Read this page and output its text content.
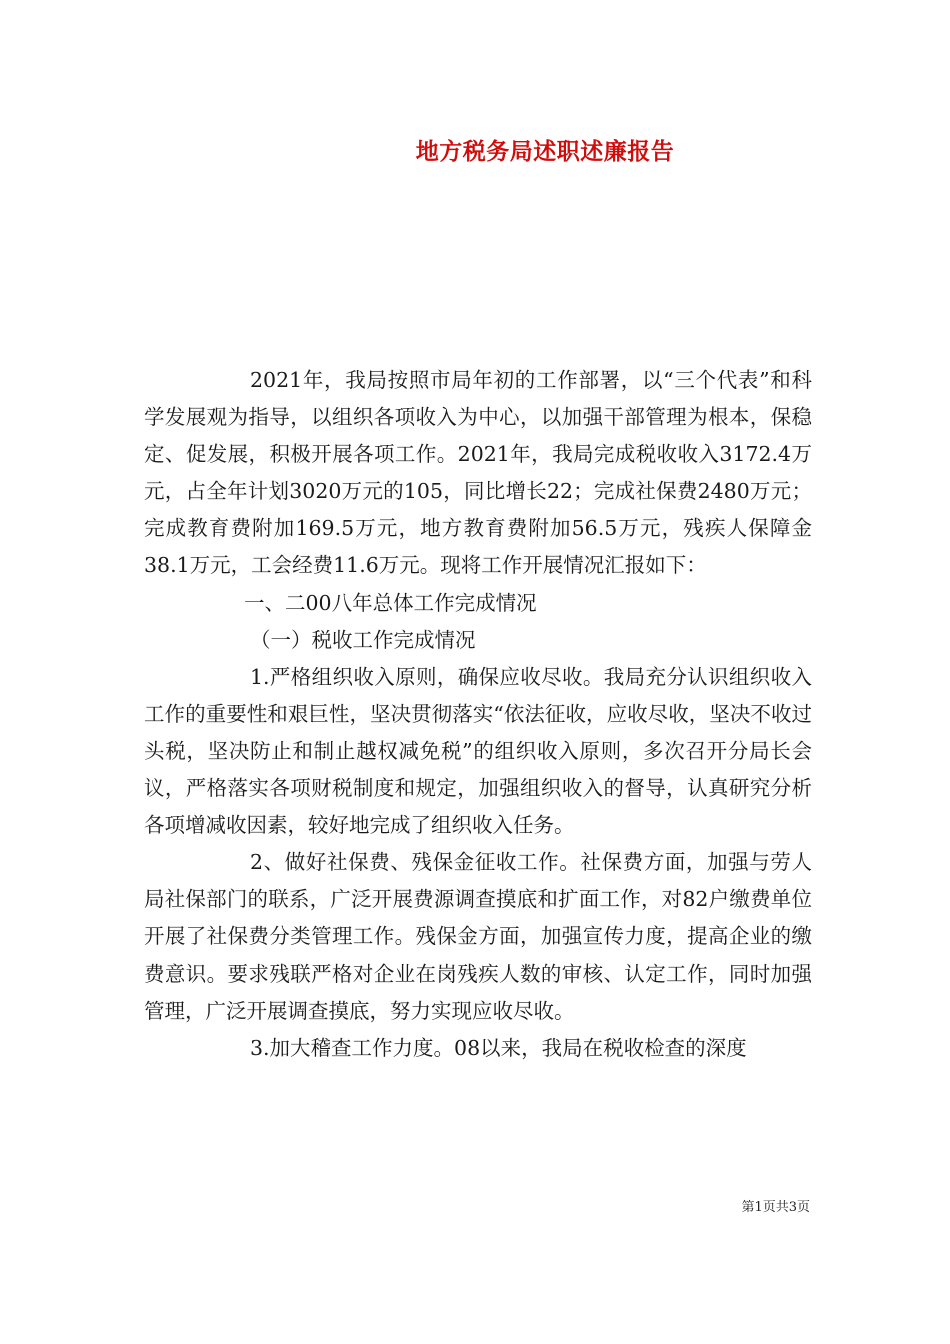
地方税务局述职述廉报告

2021年，我局按照市局年初的工作部署，以“三个代表”和科学发展观为指导，以组织各项收入为中心，以加强干部管理为根本，保稳定、促发展，积极开展各项工作。2021年，我局完成税收收入3172.4万元，占全年计划3020万元的105，同比增长22；完成社保费2480万元；完成教育费附加169.5万元，地方教育费附加56.5万元，残疾人保障金38.1万元，工会经费11.6万元。现将工作开展情况汇报如下：

一、二00八年总体工作完成情况

（一）税收工作完成情况

1.严格组织收入原则，确保应收尽收。我局充分认识组织收入工作的重要性和艰巨性，坚决贯彻落实“依法征收，应收尽收，坚决不收过头税，坚决防止和制止越权减免税”的组织收入原则，多次召开分局长会议，严格落实各项财税制度和规定，加强组织收入的督导，认真研究分析各项增减收因素，较好地完成了组织收入任务。

2、做好社保费、残保金征收工作。社保费方面，加强与劳人局社保部门的联系，广泛开展费源调查摸底和扩面工作，对82户缴费单位开展了社保费分类管理工作。残保金方面，加强宣传力度，提高企业的缴费意识。要求残联严格对企业在岗残疾人数的审核、认定工作，同时加强管理，广泛开展调查摸底，努力实现应收尽收。

3.加大稽查工作力度。08以来，我局在税收检查的深度

第1页共3页
